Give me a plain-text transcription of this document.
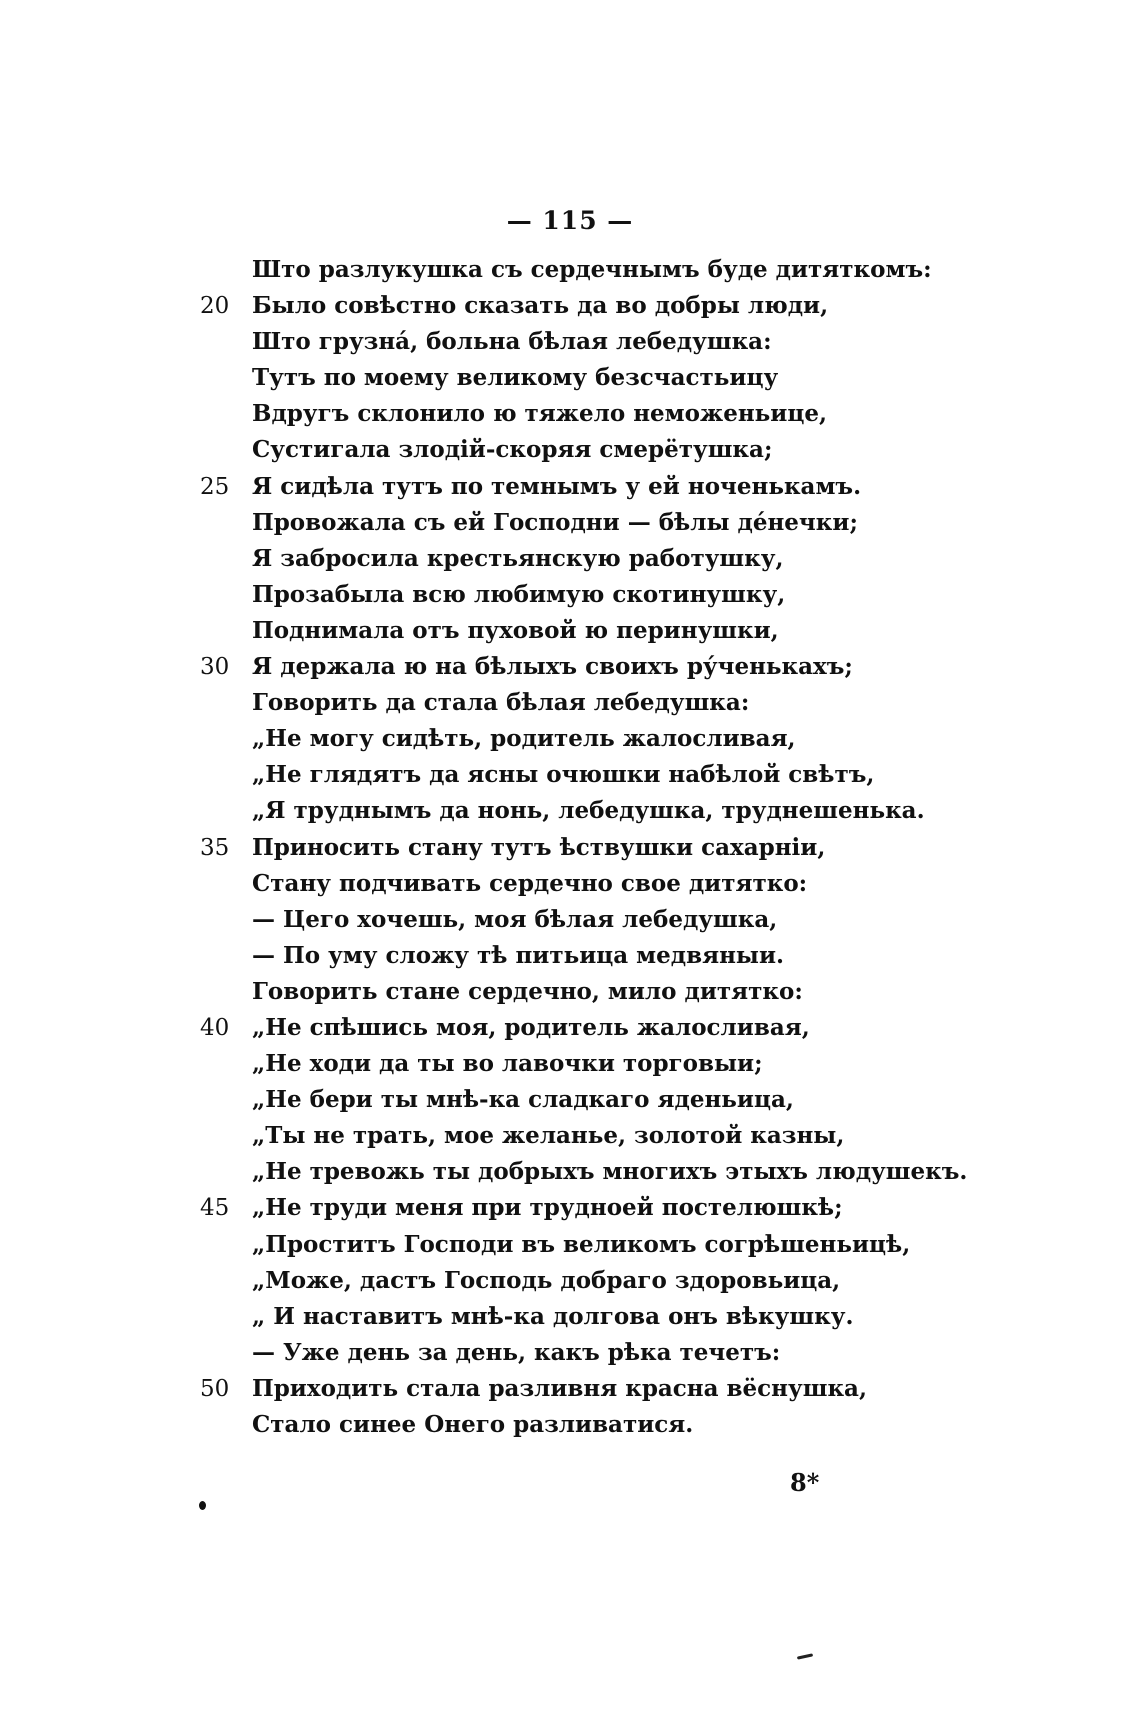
— 115 —
Што разлукушка съ сердечнымъ буде дитяткомъ:
20 Было совѣстно сказать да во добры люди,
Што грузна́, больна бѣлая лебедушка:
Тутъ по моему великому безсчастьицу
Вдругъ склонило ю тяжело неможеньице,
Сустигала злодій-скоряя смерётушка;
25 Я сидѣла тутъ по темнымъ у ей ноченькамъ.
Провожала съ ей Господни — бѣлы де́нечки;
Я забросила крестьянскую работушку,
Прозабыла всю любимую скотинушку,
Поднимала отъ пуховой ю перинушки,
30 Я держала ю на бѣлыхъ своихъ ру́ченькахъ;
Говорить да стала бѣлая лебедушка:
„Не могу сидѣть, родитель жалосливая,
„Не глядятъ да ясны очюшки набѣлой свѣтъ,
„Я труднымъ да нонь, лебедушка, труднешенька.
35 Приносить стану тутъ ѣствушки сахарніи,
Стану подчивать сердечно свое дитятко:
— Цего хочешь, моя бѣлая лебедушка,
— По уму сложу тѣ питьица медвяныи.
Говорить стане сердечно, мило дитятко:
40 „Не спѣшись моя, родитель жалосливая,
„Не ходи да ты во лавочки торговыи;
„Не бери ты мнѣ-ка сладкаго яденьица,
„Ты не трать, мое желанье, золотой казны,
„Не тревожь ты добрыхъ многихъ этыхъ людушекъ.
45 „Не труди меня при труднoей постелюшкѣ;
„Проститъ Господи въ великомъ согрѣшеньицѣ,
„Може, дастъ Господь добраго здоровьица,
„ И наставитъ мнѣ-ка долгова онъ вѣкушку.
— Уже день за день, какъ рѣка течетъ:
50 Приходить стала разливня красна вёснушка,
Стало синее Онего разливатися.
8*
